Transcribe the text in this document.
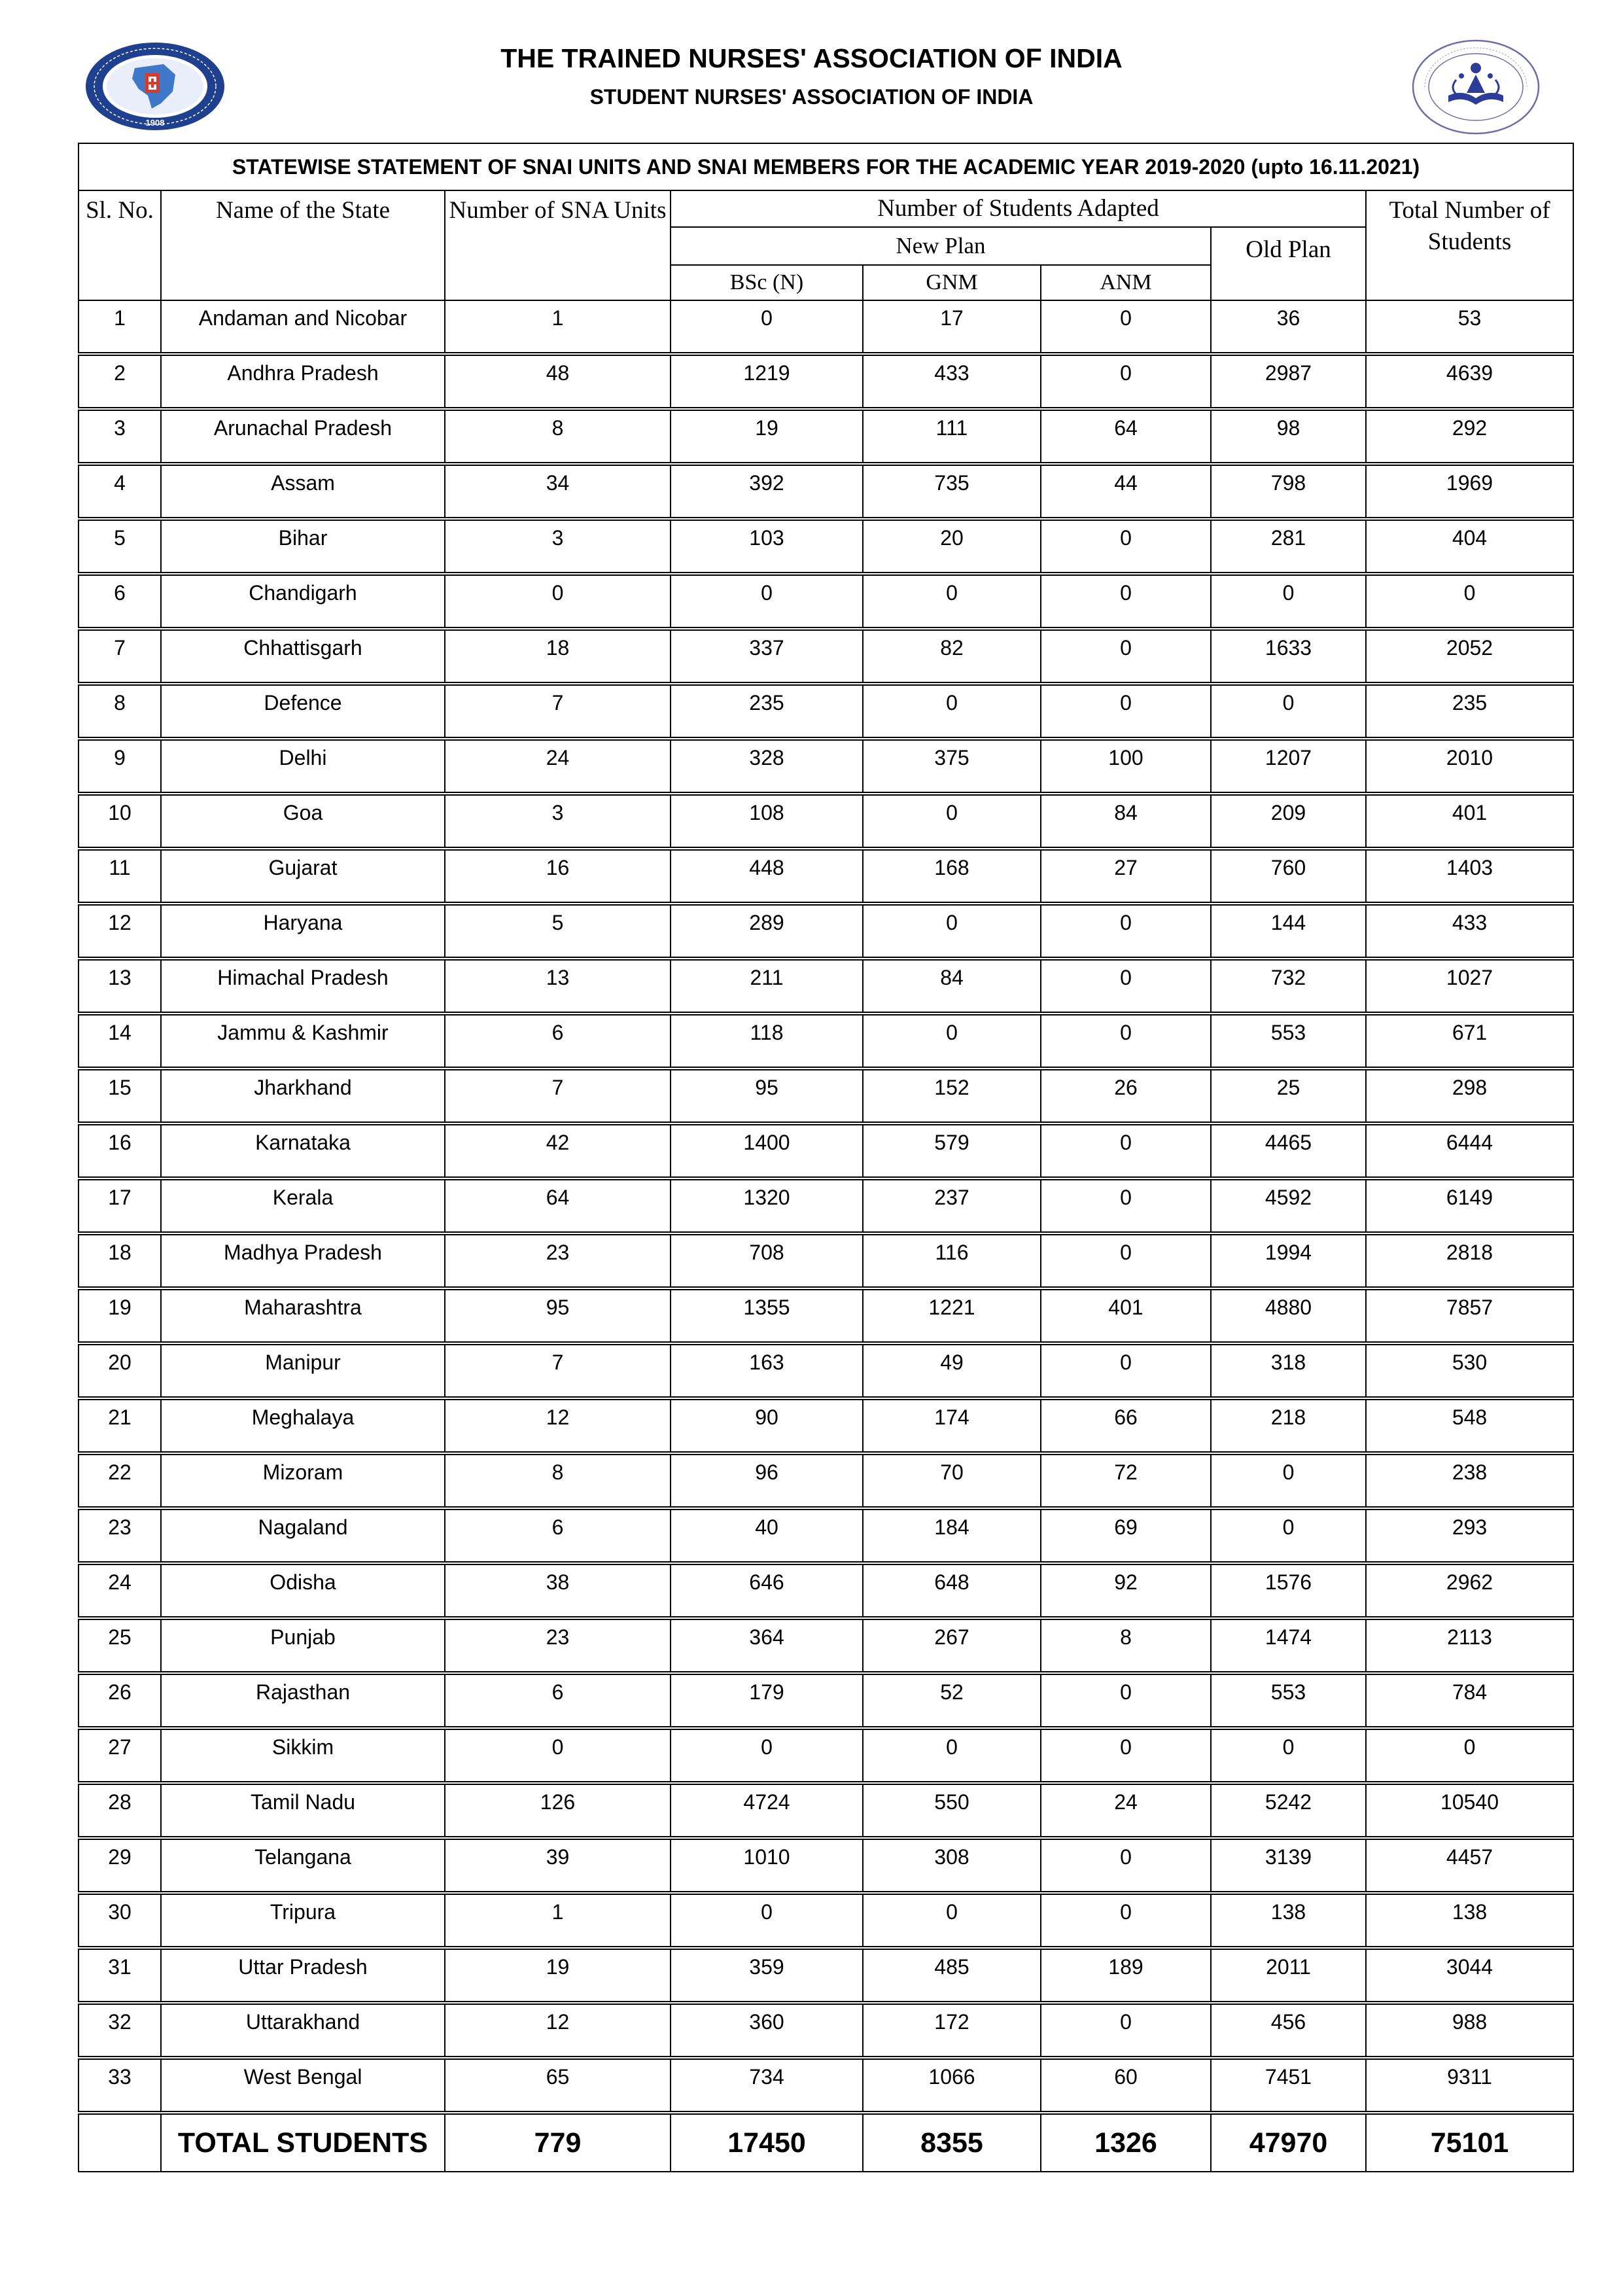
1908
THE TRAINED NURSES' ASSOCIATION OF INDIA
STUDENT NURSES' ASSOCIATION OF INDIA
STATEWISE STATEMENT OF SNAI UNITS AND SNAI MEMBERS FOR THE ACADEMIC YEAR 2019-2020 (upto 16.11.2021)							
Sl. No.	Name of the State	Number of SNA Units	Number of Students Adapted				Total Number of Students
			New Plan			Old Plan	
			BSc (N)	GNM	ANM		
1	Andaman and Nicobar	1	0	17	0	36	53
2	Andhra Pradesh	48	1219	433	0	2987	4639
3	Arunachal Pradesh	8	19	111	64	98	292
4	Assam	34	392	735	44	798	1969
5	Bihar	3	103	20	0	281	404
6	Chandigarh	0	0	0	0	0	0
7	Chhattisgarh	18	337	82	0	1633	2052
8	Defence	7	235	0	0	0	235
9	Delhi	24	328	375	100	1207	2010
10	Goa	3	108	0	84	209	401
11	Gujarat	16	448	168	27	760	1403
12	Haryana	5	289	0	0	144	433
13	Himachal Pradesh	13	211	84	0	732	1027
14	Jammu & Kashmir	6	118	0	0	553	671
15	Jharkhand	7	95	152	26	25	298
16	Karnataka	42	1400	579	0	4465	6444
17	Kerala	64	1320	237	0	4592	6149
18	Madhya Pradesh	23	708	116	0	1994	2818
19	Maharashtra	95	1355	1221	401	4880	7857
20	Manipur	7	163	49	0	318	530
21	Meghalaya	12	90	174	66	218	548
22	Mizoram	8	96	70	72	0	238
23	Nagaland	6	40	184	69	0	293
24	Odisha	38	646	648	92	1576	2962
25	Punjab	23	364	267	8	1474	2113
26	Rajasthan	6	179	52	0	553	784
27	Sikkim	0	0	0	0	0	0
28	Tamil Nadu	126	4724	550	24	5242	10540
29	Telangana	39	1010	308	0	3139	4457
30	Tripura	1	0	0	0	138	138
31	Uttar Pradesh	19	359	485	189	2011	3044
32	Uttarakhand	12	360	172	0	456	988
33	West Bengal	65	734	1066	60	7451	9311
	TOTAL STUDENTS	779	17450	8355	1326	47970	75101
